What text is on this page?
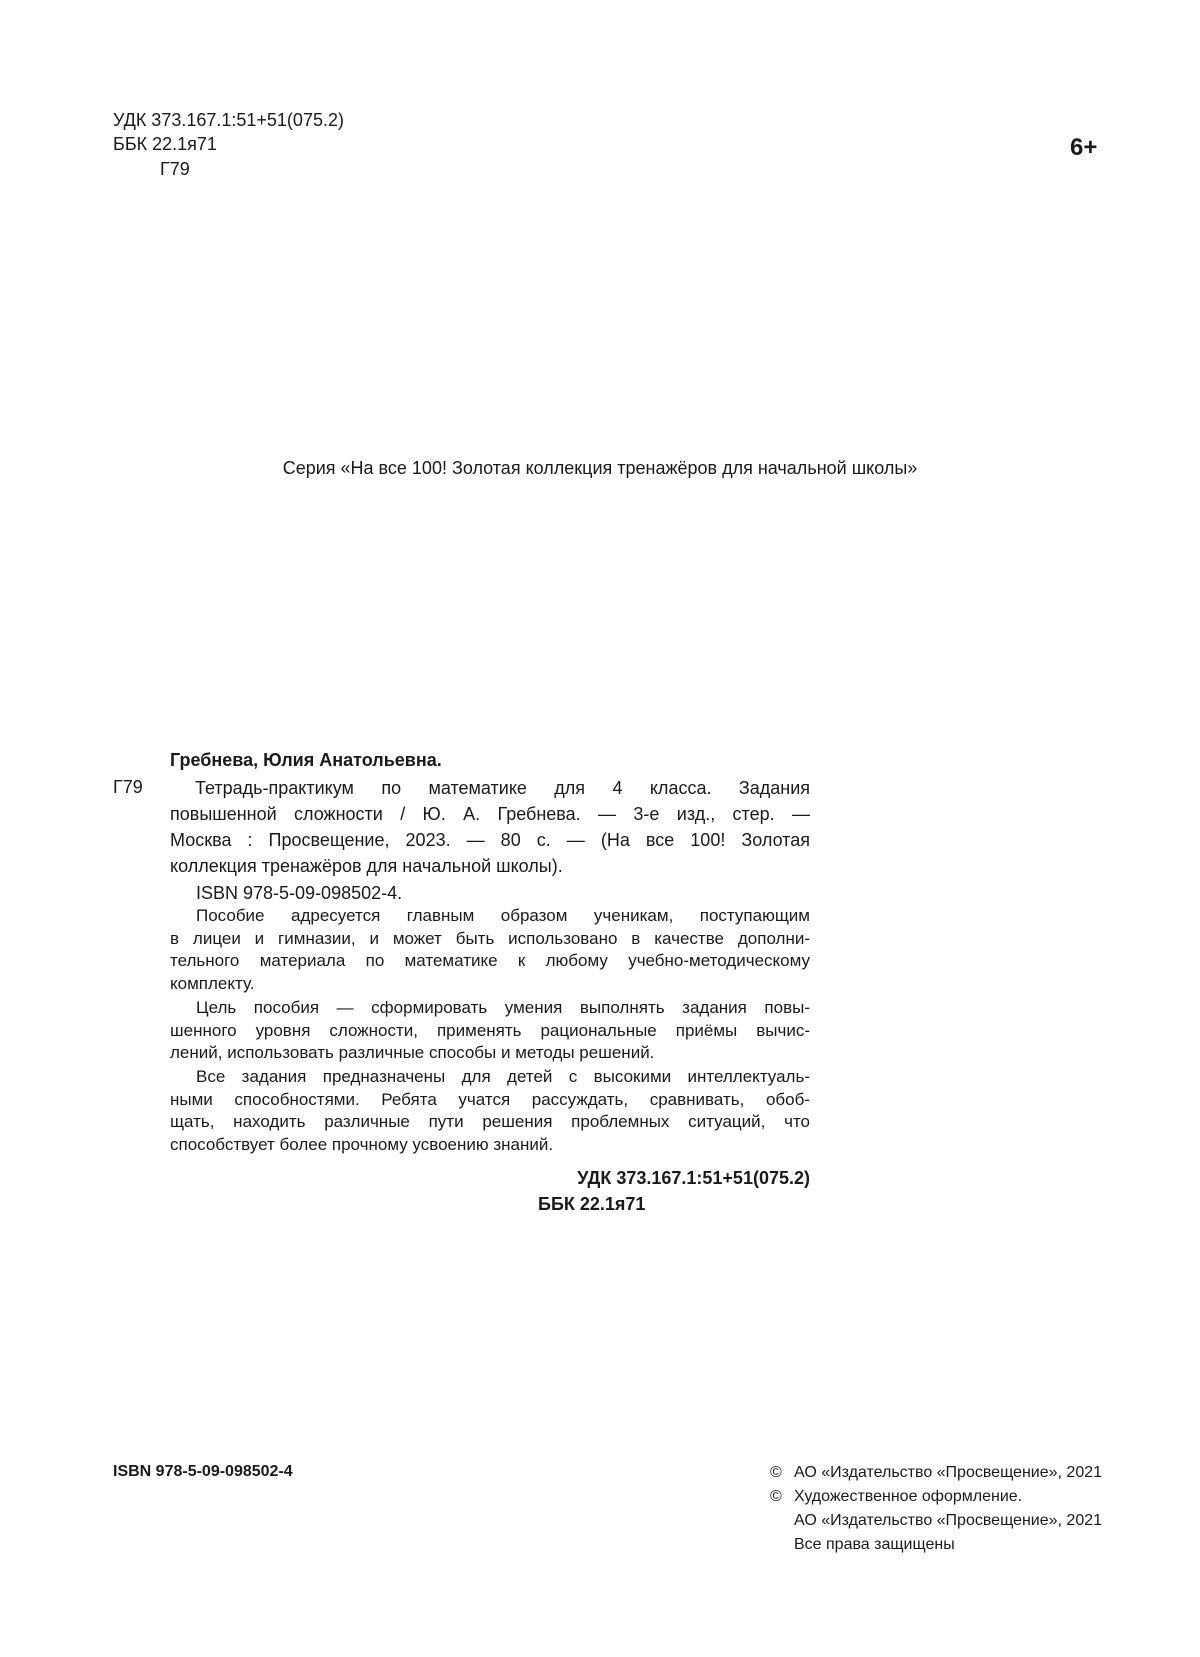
УДК 373.167.1:51+51(075.2)
ББК 22.1я71
Г79
6+
Серия «На все 100! Золотая коллекция тренажёров для начальной школы»
Гребнева, Юлия Анатольевна.
Г79	Тетрадь-практикум по математике для 4 класса. Задания
повышенной сложности / Ю. А. Гребнева. — 3-е изд., стер. —
Москва : Просвещение, 2023. — 80 с. — (На все 100! Золотая
коллекция тренажёров для начальной школы).
ISBN 978-5-09-098502-4.
Пособие адресуется главным образом ученикам, поступающим
в лицеи и гимназии, и может быть использовано в качестве дополни-
тельного материала по математике к любому учебно-методическому
комплекту.
Цель пособия — сформировать умения выполнять задания повы-
шенного уровня сложности, применять рациональные приёмы вычис-
лений, использовать различные способы и методы решений.
Все задания предназначены для детей с высокими интеллектуаль-
ными способностями. Ребята учатся рассуждать, сравнивать, обоб-
щать, находить различные пути решения проблемных ситуаций, что
способствует более прочному усвоению знаний.
УДК 373.167.1:51+51(075.2)
ББК 22.1я71
ISBN 978-5-09-098502-4	© АО «Издательство «Просвещение», 2021
© Художественное оформление.
АО «Издательство «Просвещение», 2021
Все права защищены
